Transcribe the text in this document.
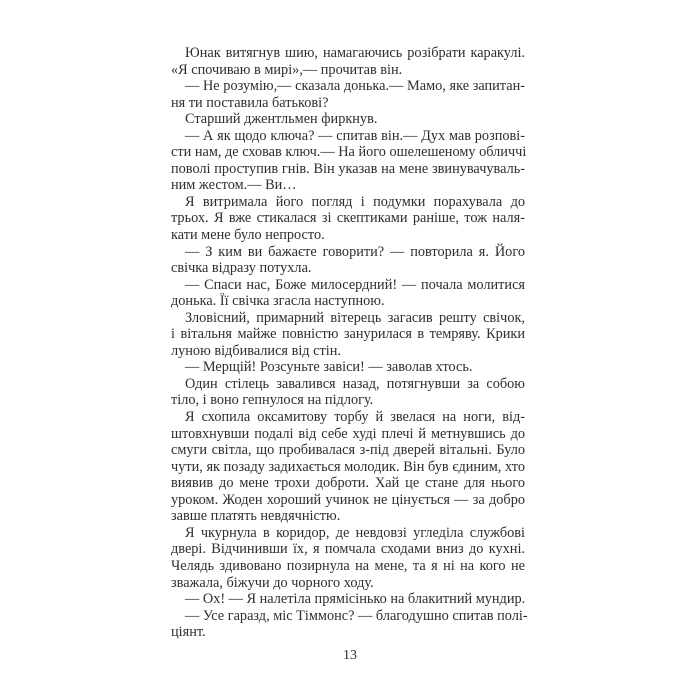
Юнак витягнув шию, намагаючись розібрати каракулі.
«Я спочиваю в мирі»,— прочитав він.

— Не розумію,— сказала донька.— Мамо, яке запитан-
ня ти поставила батькові?

Старший джентльмен фиркнув.

— А як щодо ключа? — спитав він.— Дух мав розпові-
сти нам, де сховав ключ.— На його ошелешеному обличчі
поволі проступив гнів. Він указав на мене звинувачуваль-
ним жестом.— Ви…

Я витримала його погляд і подумки порахувала до
трьох. Я вже стикалася зі скептиками раніше, тож наля-
кати мене було непросто.

— З ким ви бажаєте говорити? — повторила я. Його
свічка відразу потухла.

— Спаси нас, Боже милосердний! — почала молитися
донька. Її свічка згасла наступною.

Зловісний, примарний вітерець загасив решту свічок,
і вітальня майже повністю занурилася в темряву. Крики
луною відбивалися від стін.

— Мерщій! Розсуньте завіси! — заволав хтось.

Один стілець завалився назад, потягнувши за собою
тіло, і воно гепнулося на підлогу.

Я схопила оксамитову торбу й звелася на ноги, від-
штовхнувши подалі від себе худі плечі й метнувшись до
смуги світла, що пробивалася з-під дверей вітальні. Було
чути, як позаду задихається молодик. Він був єдиним, хто
виявив до мене трохи доброти. Хай це стане для нього
уроком. Жоден хороший учинок не цінується — за добро
завше платять невдячністю.

Я чкурнула в коридор, де невдовзі угледіла службові
двері. Відчинивши їх, я помчала сходами вниз до кухні.
Челядь здивовано позирнула на мене, та я ні на кого не
зважала, біжучи до чорного ходу.

— Ох! — Я налетіла прямісінько на блакитний мундир.

— Усе гаразд, міс Тіммонс? — благодушно спитав полі-
ціянт.

13
